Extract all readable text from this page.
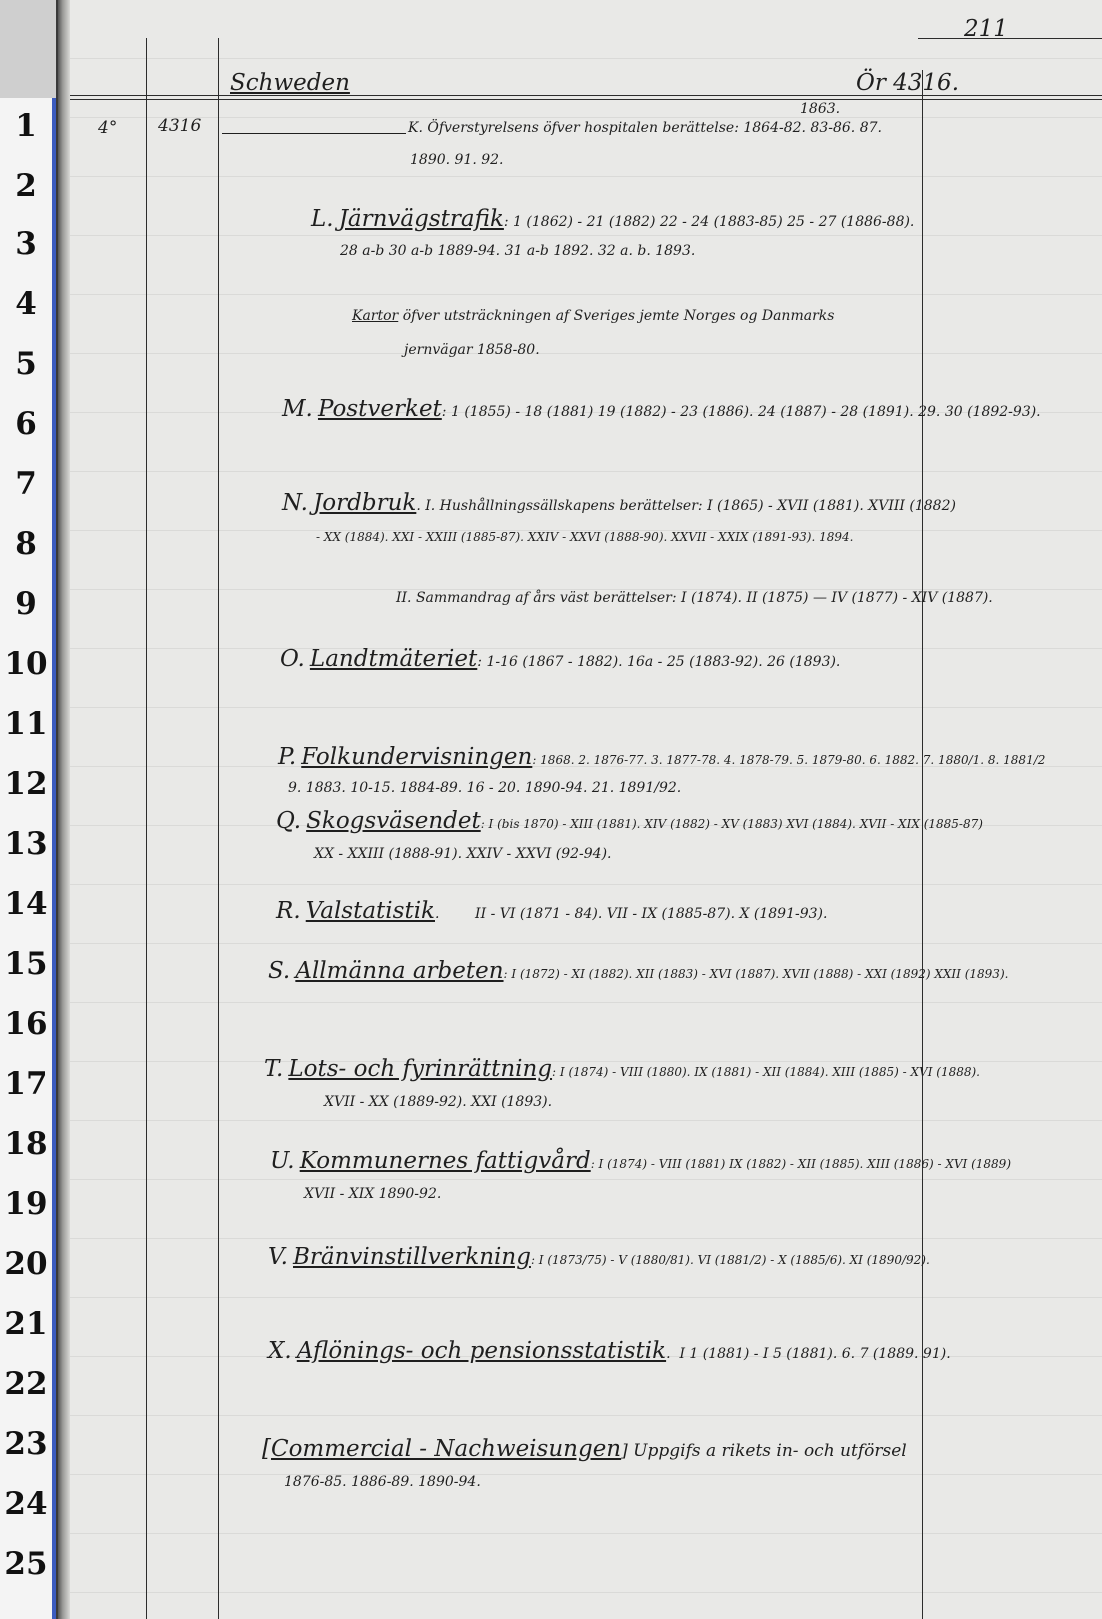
1
2
3
4
5
6
7
8
9
10
11
12
13
14
15
16
17
18
19
20
21
22
23
24
25
211
Schweden	Ör 4316.
4° 4316
1863.
K. Öfverstyrelsens öfver hospitalen berättelse: 1864-82. 83-86. 87.
1890. 91. 92.
L. Järnvägstrafik: 1 (1862) - 21 (1882) 22 - 24 (1883-85) 25 - 27 (1886-88).
28 a-b 30 a-b 1889-94. 31 a-b 1892. 32 a. b. 1893.
Kartor öfver utsträckningen af Sveriges jemte Norges og Danmarks
jernvägar 1858-80.
M. Postverket: 1 (1855) - 18 (1881) 19 (1882) - 23 (1886). 24 (1887) - 28 (1891). 29. 30 (1892-93).
N. Jordbruk. I. Hushållningssällskapens berättelser: I (1865) - XVII (1881). XVIII (1882)
- XX (1884). XXI - XXIII (1885-87). XXIV - XXVI (1888-90). XXVII - XXIX (1891-93). 1894.
II. Sammandrag af års väst berättelser: I (1874). II (1875) — IV (1877) - XIV (1887).
O. Landtmäteriet: 1-16 (1867 - 1882). 16a - 25 (1883-92). 26 (1893).
P. Folkundervisningen: 1868. 2. 1876-77. 3. 1877-78. 4. 1878-79. 5. 1879-80. 6. 1882. 7. 1880/1. 8. 1881/2
9. 1883. 10-15. 1884-89. 16 - 20. 1890-94. 21. 1891/92.
Q. Skogsväsendet: I (bis 1870) - XIII (1881). XIV (1882) - XV (1883) XVI (1884). XVII - XIX (1885-87)
XX - XXIII (1888-91). XXIV - XXVI (92-94).
R. Valstatistik.        II - VI (1871 - 84). VII - IX (1885-87). X (1891-93).
S. Allmänna arbeten: I (1872) - XI (1882). XII (1883) - XVI (1887). XVII (1888) - XXI (1892) XXII (1893).
T. Lots- och fyrinrättning: I (1874) - VIII (1880). IX (1881) - XII (1884). XIII (1885) - XVI (1888).
XVII - XX (1889-92). XXI (1893).
U. Kommunernes fattigvård: I (1874) - VIII (1881) IX (1882) - XII (1885). XIII (1886) - XVI (1889)
XVII - XIX 1890-92.
V. Bränvinstillverkning: I (1873/75) - V (1880/81). VI (1881/2) - X (1885/6). XI (1890/92).
X. Aflönings- och pensionsstatistik.  I 1 (1881) - I 5 (1881). 6. 7 (1889. 91).
[Commercial - Nachweisungen] Uppgifs a rikets in- och utförsel
1876-85. 1886-89. 1890-94.
